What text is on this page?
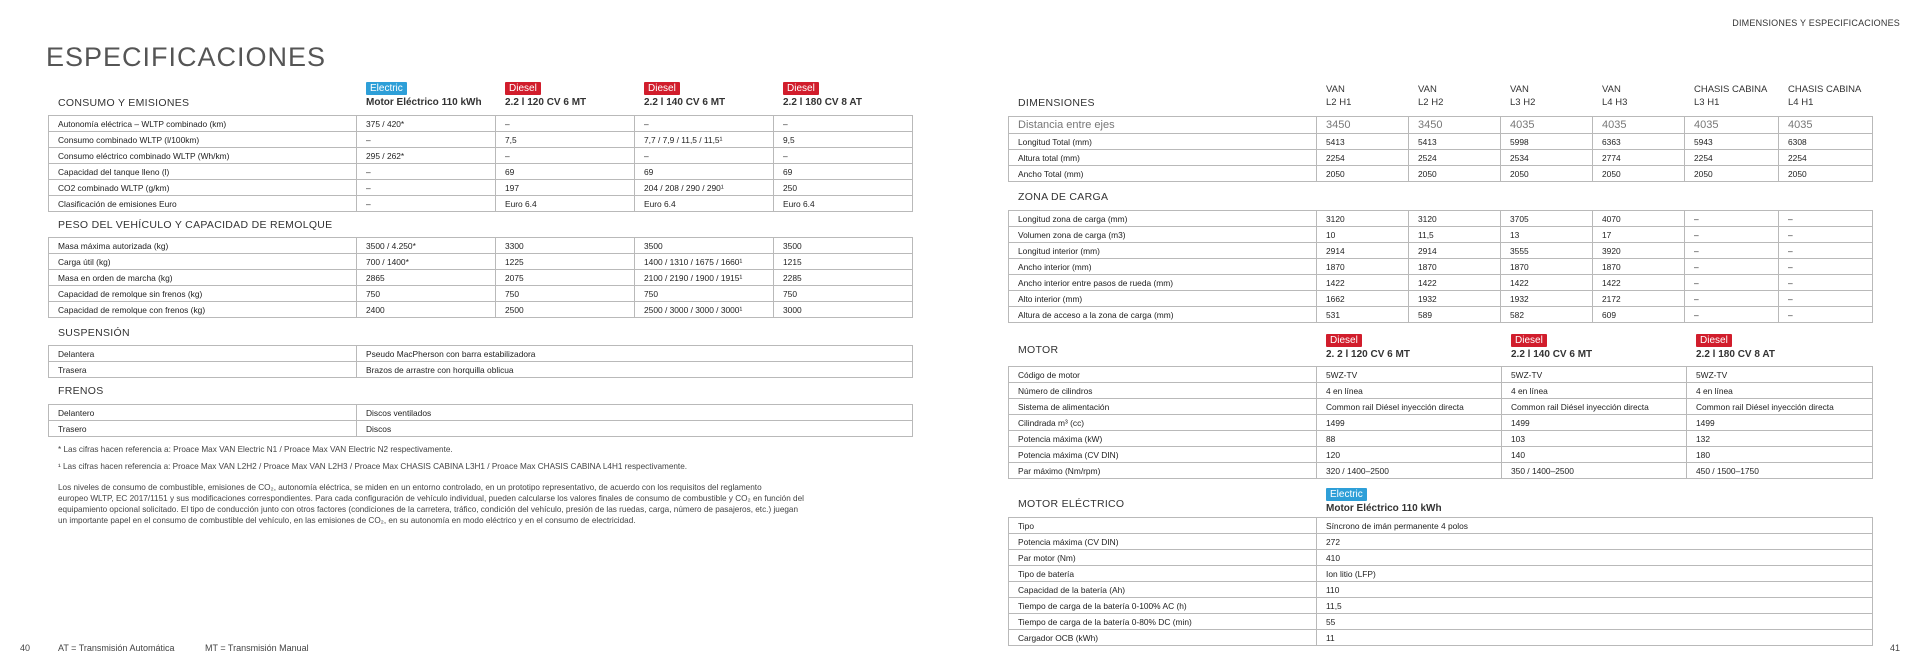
DIMENSIONES Y ESPECIFICACIONES
ESPECIFICACIONES
Electric
Motor Eléctrico 110 kWh
Diesel
2.2 l 120 CV 6 MT
Diesel
2.2 l 140 CV 6 MT
Diesel
2.2 l 180 CV 8 AT
CONSUMO Y EMISIONES
Autonomía eléctrica – WLTP combinado (km)	375 / 420*	–	–	–
Consumo combinado WLTP (l/100km)	–	7,5	7,7 / 7,9 / 11,5 / 11,5¹	9,5
Consumo eléctrico combinado WLTP (Wh/km)	295 / 262*	–	–	–
Capacidad del tanque lleno (l)	–	69	69	69
CO2 combinado WLTP (g/km)	–	197	204 / 208 / 290 / 290¹	250
Clasificación de emisiones Euro	–	Euro 6.4	Euro 6.4	Euro 6.4
PESO DEL VEHÍCULO Y CAPACIDAD DE REMOLQUE
Masa máxima autorizada (kg)	3500 / 4.250*	3300	3500	3500
Carga útil (kg)	700 / 1400*	1225	1400 / 1310 / 1675 / 1660¹	1215
Masa en orden de marcha (kg)	2865	2075	2100 / 2190 / 1900 / 1915¹	2285
Capacidad de remolque sin frenos (kg)	750	750	750	750
Capacidad de remolque con frenos (kg)	2400	2500	2500 / 3000 / 3000 / 3000¹	3000
SUSPENSIÓN
Delantera	Pseudo MacPherson con barra estabilizadora
Trasera	Brazos de arrastre con horquilla oblicua
FRENOS
Delantero	Discos ventilados
Trasero	Discos
* Las cifras hacen referencia a: Proace Max VAN Electric N1 / Proace Max VAN Electric N2 respectivamente.
¹ Las cifras hacen referencia a: Proace Max VAN L2H2 / Proace Max VAN L2H3 / Proace Max CHASIS CABINA L3H1 / Proace Max CHASIS CABINA L4H1 respectivamente.
Los niveles de consumo de combustible, emisiones de CO₂, autonomía eléctrica, se miden en un entorno controlado, en un prototipo representativo, de acuerdo con los requisitos del reglamento
europeo WLTP, EC 2017/1151 y sus modificaciones correspondientes. Para cada configuración de vehículo individual, pueden calcularse los valores finales de consumo de combustible y CO₂ en función del
equipamiento opcional solicitado. El tipo de conducción junto con otros factores (condiciones de la carretera, tráfico, condición del vehículo, presión de las ruedas, carga, número de pasajeros, etc.) juegan
un importante papel en el consumo de combustible del vehículo, en las emisiones de CO₂, en su autonomía en modo eléctrico y en el consumo de electricidad.
40	AT = Transmisión Automática	MT = Transmisión Manual
VAN
L2 H1
VAN
L2 H2
VAN
L3 H2
VAN
L4 H3
CHASIS CABINA
L3 H1
CHASIS CABINA
L4 H1
DIMENSIONES
Distancia entre ejes	3450	3450	4035	4035	4035	4035
Longitud Total (mm)	5413	5413	5998	6363	5943	6308
Altura total (mm)	2254	2524	2534	2774	2254	2254
Ancho Total (mm)	2050	2050	2050	2050	2050	2050
ZONA DE CARGA
Longitud zona de carga (mm)	3120	3120	3705	4070	–	–
Volumen zona de carga (m3)	10	11,5	13	17	–	–
Longitud interior (mm)	2914	2914	3555	3920	–	–
Ancho interior (mm)	1870	1870	1870	1870	–	–
Ancho interior entre pasos de rueda (mm)	1422	1422	1422	1422	–	–
Alto interior (mm)	1662	1932	1932	2172	–	–
Altura de acceso a la zona de carga (mm)	531	589	582	609	–	–
MOTOR
Diesel
2. 2 l 120 CV 6 MT
Diesel
2.2 l 140 CV 6 MT
Diesel
2.2 l 180 CV 8 AT
Código de motor	5WZ-TV	5WZ-TV	5WZ-TV
Número de cilindros	4 en línea	4 en línea	4 en línea
Sistema de alimentación	Common rail Diésel inyección directa	Common rail Diésel inyección directa	Common rail Diésel inyección directa
Cilindrada m³ (cc)	1499	1499	1499
Potencia máxima (kW)	88	103	132
Potencia máxima (CV DIN)	120	140	180
Par máximo (Nm/rpm)	320 / 1400–2500	350 / 1400–2500	450 / 1500–1750
MOTOR ELÉCTRICO
Electric
Motor Eléctrico 110 kWh
Tipo	Síncrono de imán permanente 4 polos
Potencia máxima (CV DIN)	272
Par motor (Nm)	410
Tipo de batería	Ion litio (LFP)
Capacidad de la batería (Ah)	110
Tiempo de carga de la batería 0-100% AC (h)	11,5
Tiempo de carga de la batería 0-80% DC (min)	55
Cargador OCB (kWh)	11
41
